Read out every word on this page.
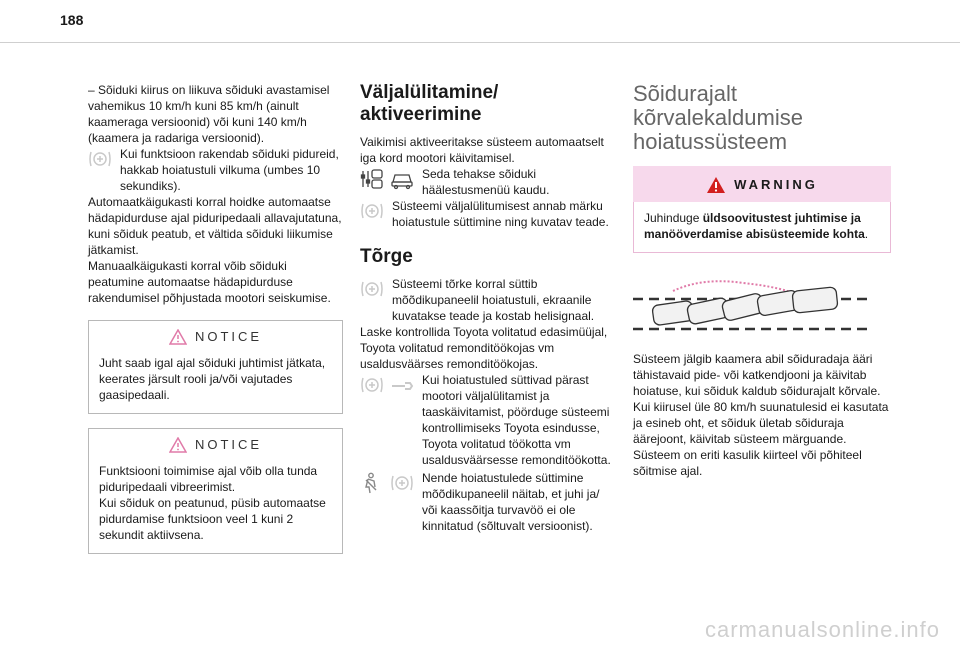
188

– Sõiduki kiirus on liikuva sõiduki avastamisel vahemikus 10 km/h kuni 85 km/h (ainult kaameraga versioonid) või kuni 140 km/h (kaamera ja radariga versioonid).

Kui funktsioon rakendab sõiduki pidureid, hakkab hoiatustuli vilkuma (umbes 10 sekundiks).

Automaatkäigukasti korral hoidke automaatse hädapidurduse ajal piduripedaali allavajutatuna, kuni sõiduk peatub, et vältida sõiduki liikumise jätkamist.

Manuaalkäigukasti korral võib sõiduki peatumine automaatse hädapidurduse rakendumisel põhjustada mootori seiskumise.

NOTICE

Juht saab igal ajal sõiduki juhtimist jätkata, keerates järsult rooli ja/või vajutades gaasipedaali.

NOTICE

Funktsiooni toimimise ajal võib olla tunda piduripedaali vibreerimist.

Kui sõiduk on peatunud, püsib automaatse pidurdamise funktsioon veel 1 kuni 2 sekundit aktiivsena.

Väljalülitamine/ aktiveerimine

Vaikimisi aktiveeritakse süsteem automaatselt iga kord mootori käivitamisel.

Seda tehakse sõiduki häälestusmenüü kaudu.

Süsteemi väljalülitumisest annab märku hoiatustule süttimine ning kuvatav teade.

Tõrge

Süsteemi tõrke korral süttib mõõdikupaneelil hoiatustuli, ekraanile kuvatakse teade ja kostab helisignaal.

Laske kontrollida Toyota volitatud edasimüüjal, Toyota volitatud remonditöökojas vm usaldusväärses remonditöökojas.

Kui hoiatustuled süttivad pärast mootori väljalülitamist ja taaskäivitamist, pöörduge süsteemi kontrollimiseks Toyota esindusse, Toyota volitatud töökotta vm usaldusväärsesse remonditöökotta.

Nende hoiatustulede süttimine mõõdikupaneelil näitab, et juhi ja/ või kaassõitja turvavöö ei ole kinnitatud (sõltuvalt versioonist).

Sõidurajalt kõrvalekaldumise hoiatussüsteem
WARNING

Juhinduge üldsoovitustest juhtimise ja manööverdamise abisüsteemide kohta.

Süsteem jälgib kaamera abil sõiduradaja ääri tähistavaid pide- või katkendjooni ja käivitab hoiatuse, kui sõiduk kaldub sõidurajalt kõrvale.

Kui kiirusel üle 80 km/h suunatulesid ei kasutata ja esineb oht, et sõiduk ületab sõiduraja äärejoont, käivitab süsteem märguande.

Süsteem on eriti kasulik kiirteel või põhiteel sõitmise ajal.

carmanualsonline.info
